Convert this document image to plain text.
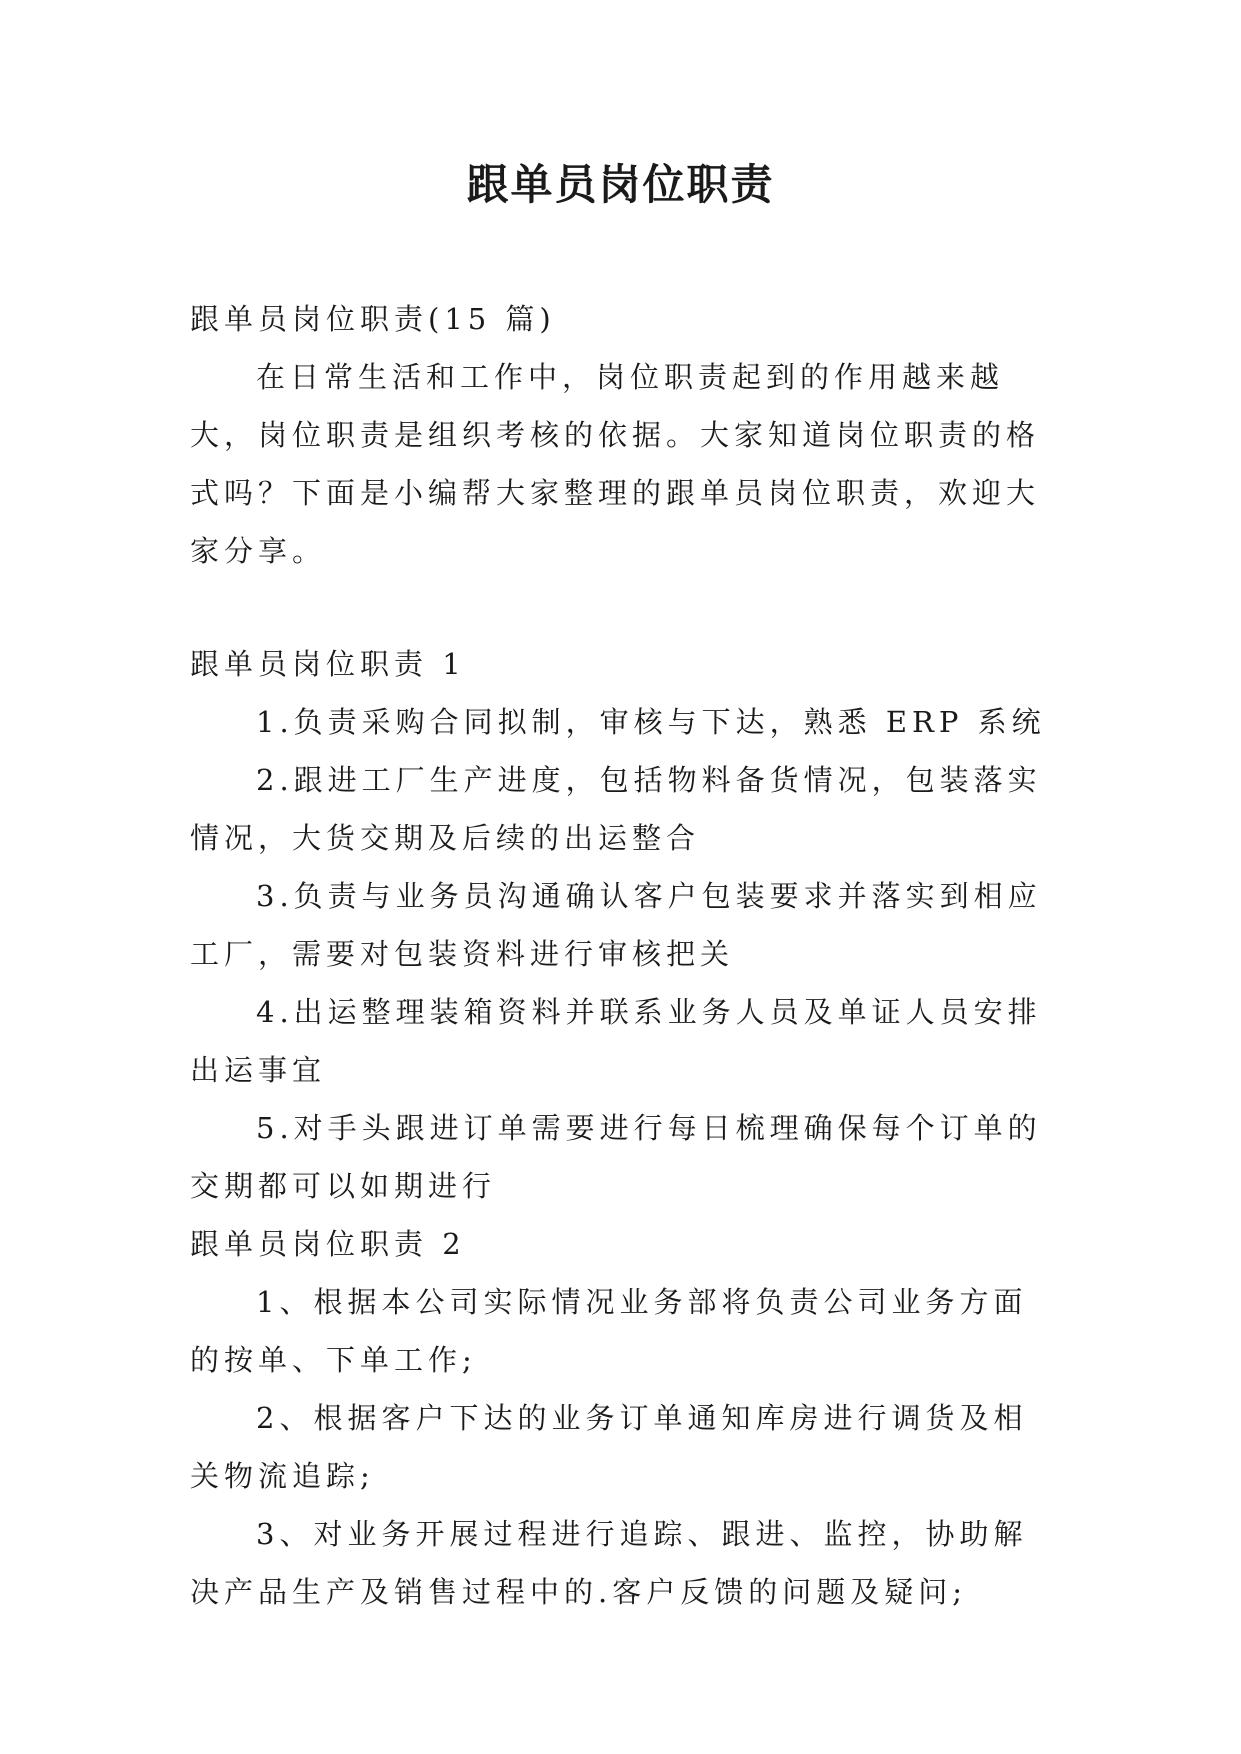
跟单员岗位职责

跟单员岗位职责(15 篇)

在日常生活和工作中，岗位职责起到的作用越来越大，岗位职责是组织考核的依据。大家知道岗位职责的格式吗？下面是小编帮大家整理的跟单员岗位职责，欢迎大家分享。

跟单员岗位职责 1

1.负责采购合同拟制，审核与下达，熟悉 ERP 系统

2.跟进工厂生产进度，包括物料备货情况，包装落实情况，大货交期及后续的出运整合

3.负责与业务员沟通确认客户包装要求并落实到相应工厂，需要对包装资料进行审核把关

4.出运整理装箱资料并联系业务人员及单证人员安排出运事宜

5.对手头跟进订单需要进行每日梳理确保每个订单的交期都可以如期进行

跟单员岗位职责 2

1、根据本公司实际情况业务部将负责公司业务方面的按单、下单工作;

2、根据客户下达的业务订单通知库房进行调货及相关物流追踪;

3、对业务开展过程进行追踪、跟进、监控，协助解决产品生产及销售过程中的.客户反馈的问题及疑问;
